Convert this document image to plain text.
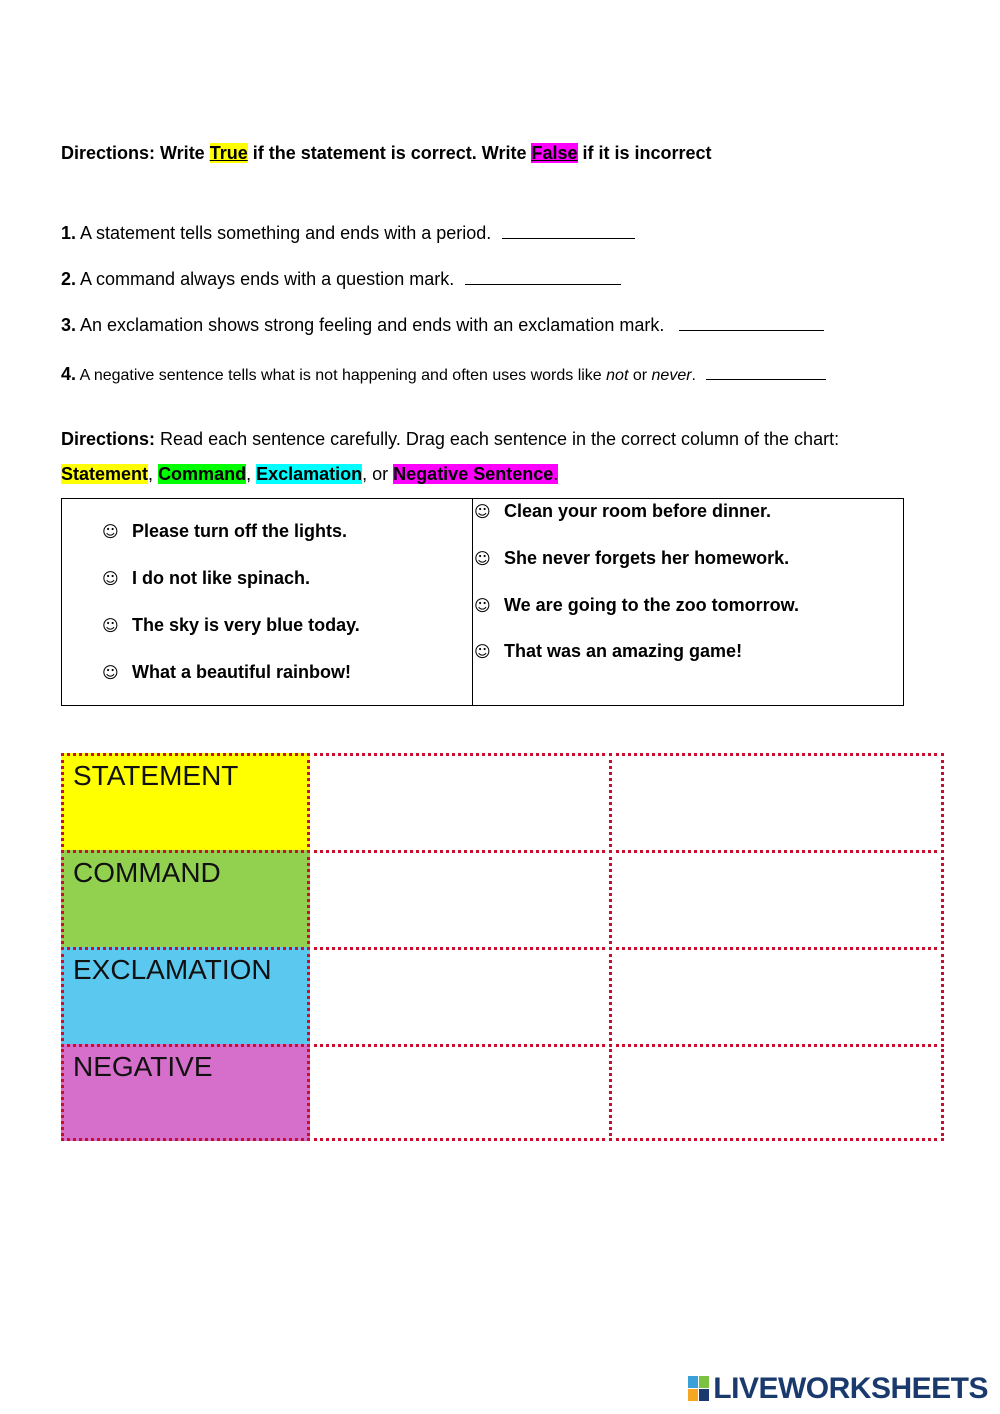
Directions: Write True if the statement is correct. Write False if it is incorrect
1. A statement tells something and ends with a period.
2. A command always ends with a question mark.
3. An exclamation shows strong feeling and ends with an exclamation mark.
4. A negative sentence tells what is not happening and often uses words like not or never.
Directions: Read each sentence carefully. Drag each sentence in the correct column of the chart:
Statement, Command, Exclamation, or Negative Sentence.
☺ Please turn off the lights.
☺ I do not like spinach.
☺ The sky is very blue today.
☺ What a beautiful rainbow!
☺ Clean your room before dinner.
☺ She never forgets her homework.
☺ We are going to the zoo tomorrow.
☺ That was an amazing game!
STATEMENT
COMMAND
EXCLAMATION
NEGATIVE
LIVEWORKSHEETS
